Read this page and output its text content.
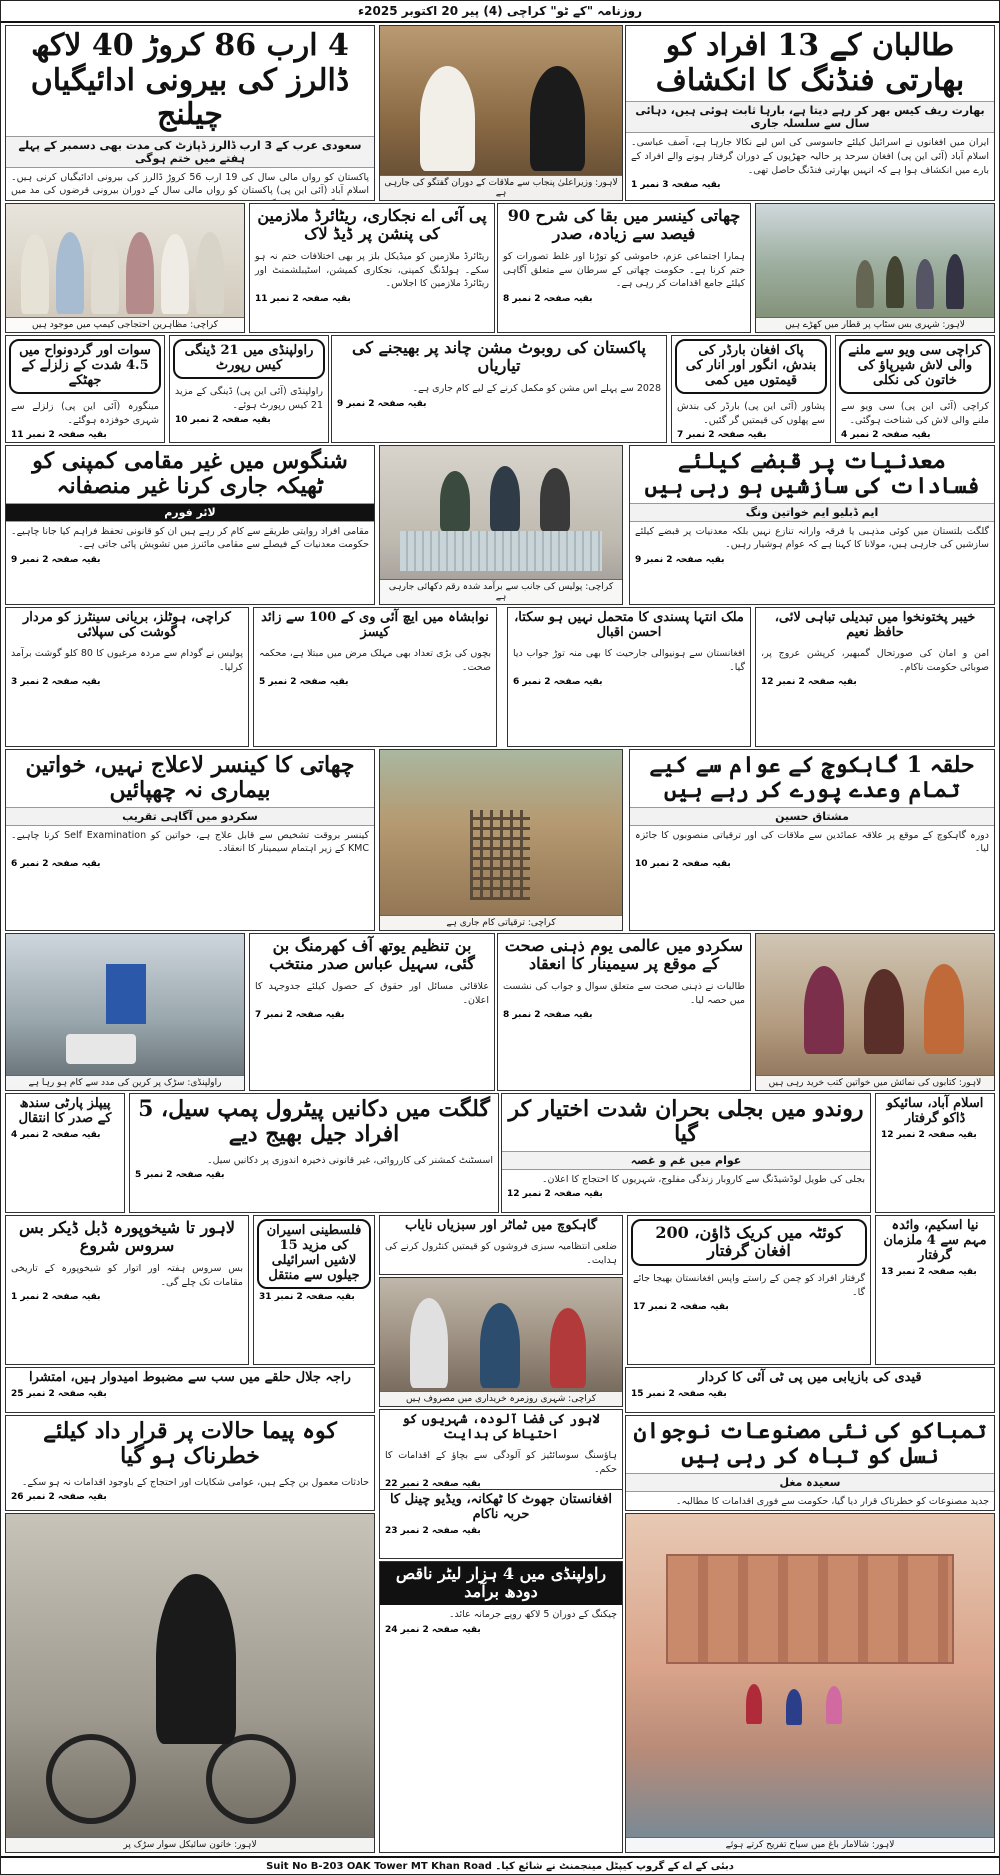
روزنامہ "کے ٹو" کراچی (4) پیر 20 اکتوبر 2025ء
طالبان کے 13 افراد کو بھارتی فنڈنگ کا انکشاف
بھارت ریف کیس بھر کر رہے دیتا ہے، بارہا ثابت ہوئی ہیں، دہائی سال سے سلسلہ جاری
ایران میں افغانوں نے اسرائیل کیلئے جاسوسی کی اس لیے نکالا جارہا ہے، آصف عباسی۔ اسلام آباد (آئی این پی) افغان سرحد پر حالیہ جھڑپوں کے دوران گرفتار ہونے والے افراد کے بارے میں انکشاف ہوا ہے کہ انہیں بھارتی فنڈنگ حاصل تھی۔
بقیہ صفحہ 3 نمبر 1
لاہور: وزیراعلیٰ پنجاب سے ملاقات کے دوران گفتگو کی جارہی ہے
4 ارب 86 کروڑ 40 لاکھ ڈالرز کی بیرونی ادائیگیاں چیلنج
سعودی عرب کے 3 ارب ڈالرز ڈپازٹ کی مدت بھی دسمبر کے پہلے ہفتے میں ختم ہوگی
پاکستان کو رواں مالی سال کی 19 ارب 56 کروڑ ڈالرز کی بیرونی ادائیگیاں کرنی ہیں۔ اسلام آباد (آئی این پی) پاکستان کو رواں مالی سال کے دوران بیرونی قرضوں کی مد میں
لاہور: شہری بس سٹاپ پر قطار میں کھڑے ہیں
چھاتی کینسر میں بقا کی شرح 90 فیصد سے زیادہ، صدر
ہمارا اجتماعی عزم، خاموشی کو توڑنا اور غلط تصورات کو ختم کرنا ہے۔ حکومت چھاتی کے سرطان سے متعلق آگاہی کیلئے جامع اقدامات کر رہی ہے۔
بقیہ صفحہ 2 نمبر 8
پی آئی اے نجکاری، ریٹائرڈ ملازمین کی پنشن پر ڈیڈ لاک
ریٹائرڈ ملازمین کو میڈیکل بلز پر بھی اختلافات ختم نہ ہو سکے۔ ہولڈنگ کمپنی، نجکاری کمیشن، اسٹیبلشمنٹ اور ریٹائرڈ ملازمین کا اجلاس۔
بقیہ صفحہ 2 نمبر 11
کراچی: مظاہرین احتجاجی کیمپ میں موجود ہیں
کراچی سی ویو سے ملنے والی لاش شیرپاؤ کی خاتون کی نکلی
کراچی (آئی این پی) سی ویو سے ملنے والی لاش کی شناخت ہوگئی۔
بقیہ صفحہ 2 نمبر 4
پاک افغان بارڈر کی بندش، انگور اور انار کی قیمتوں میں کمی
پشاور (آئی این پی) بارڈر کی بندش سے پھلوں کی قیمتیں گر گئیں۔
بقیہ صفحہ 2 نمبر 7
پاکستان کی روبوٹ مشن چاند پر بھیجنے کی تیاریاں
2028 سے پہلے اس مشن کو مکمل کرنے کے لیے کام جاری ہے۔
بقیہ صفحہ 2 نمبر 9
راولپنڈی میں 21 ڈینگی کیس رپورٹ
راولپنڈی (آئی این پی) ڈینگی کے مزید 21 کیس رپورٹ ہوئے۔
بقیہ صفحہ 2 نمبر 10
سوات اور گردونواح میں 4.5 شدت کے زلزلے کے جھٹکے
مینگورہ (آئی این پی) زلزلے سے شہری خوفزدہ ہوگئے۔
بقیہ صفحہ 2 نمبر 11
معدنیات پر قبضے کیلئے فسادات کی سازشیں ہو رہی ہیں
ایم ڈبلیو ایم خواتین ونگ
گلگت بلتستان میں کوئی مذہبی یا فرقہ وارانہ تنازع نہیں بلکہ معدنیات پر قبضے کیلئے سازشیں کی جارہی ہیں، مولانا کا کہنا ہے کہ عوام ہوشیار رہیں۔
بقیہ صفحہ 2 نمبر 9
کراچی: پولیس کی جانب سے برآمد شدہ رقم دکھائی جارہی ہے
شنگوس میں غیر مقامی کمپنی کو ٹھیکہ جاری کرنا غیر منصفانہ
لائر فورم
مقامی افراد روایتی طریقے سے کام کر رہے ہیں ان کو قانونی تحفظ فراہم کیا جانا چاہیے۔ حکومت معدنیات کے فیصلے سے مقامی مائنرز میں تشویش پائی جاتی ہے۔
بقیہ صفحہ 2 نمبر 9
خیبر پختونخوا میں تبدیلی تباہی لائی، حافظ نعیم
امن و امان کی صورتحال گمبھیر، کرپشن عروج پر، صوبائی حکومت ناکام۔
بقیہ صفحہ 2 نمبر 12
ملک انتہا پسندی کا متحمل نہیں ہو سکتا، احسن اقبال
افغانستان سے ہونیوالی جارحیت کا بھی منہ توڑ جواب دیا گیا۔
بقیہ صفحہ 2 نمبر 6
نوابشاہ میں ایچ آئی وی کے 100 سے زائد کیسز
بچوں کی بڑی تعداد بھی مہلک مرض میں مبتلا ہے، محکمہ صحت۔
بقیہ صفحہ 2 نمبر 5
کراچی، ہوٹلز، بریانی سینٹرز کو مردار گوشت کی سپلائی
پولیس نے گودام سے مردہ مرغیوں کا 80 کلو گوشت برآمد کرلیا۔
بقیہ صفحہ 2 نمبر 3
حلقہ 1 گاہکوچ کے عوام سے کیے تمام وعدے پورے کر رہے ہیں
مشتاق حسین
دورہ گاہکوچ کے موقع پر علاقہ عمائدین سے ملاقات کی اور ترقیاتی منصوبوں کا جائزہ لیا۔
بقیہ صفحہ 2 نمبر 10
کراچی: ترقیاتی کام جاری ہے
چھاتی کا کینسر لاعلاج نہیں، خواتین بیماری نہ چھپائیں
سکردو میں آگاہی تقریب
کینسر بروقت تشخیص سے قابل علاج ہے، خواتین کو Self Examination کرنا چاہیے۔ KMC کے زیر اہتمام سیمینار کا انعقاد۔
بقیہ صفحہ 2 نمبر 6
لاہور: کتابوں کی نمائش میں خواتین کتب خرید رہی ہیں
سکردو میں عالمی یوم ذہنی صحت کے موقع پر سیمینار کا انعقاد
طالبات نے ذہنی صحت سے متعلق سوال و جواب کی نشست میں حصہ لیا۔
بقیہ صفحہ 2 نمبر 8
بن تنظیم یوتھ آف کھرمنگ بن گئی، سہیل عباس صدر منتخب
علاقائی مسائل اور حقوق کے حصول کیلئے جدوجہد کا اعلان۔
بقیہ صفحہ 2 نمبر 7
راولپنڈی: سڑک پر کرین کی مدد سے کام ہو رہا ہے
اسلام آباد، سائیکو ڈاکو گرفتار
بقیہ صفحہ 2 نمبر 12
روندو میں بجلی بحران شدت اختیار کر گیا
عوام میں غم و غصہ
بجلی کی طویل لوڈشیڈنگ سے کاروبار زندگی مفلوج، شہریوں کا احتجاج کا اعلان۔
بقیہ صفحہ 2 نمبر 12
گلگت میں دکانیں پیٹرول پمپ سیل، 5 افراد جیل بھیج دیے
اسسٹنٹ کمشنر کی کارروائی، غیر قانونی ذخیرہ اندوزی پر دکانیں سیل۔
بقیہ صفحہ 2 نمبر 5
پیپلز پارٹی سندھ کے صدر کا انتقال
بقیہ صفحہ 2 نمبر 4
نیا اسکیم، وائدہ مہم سے 4 ملزمان گرفتار
بقیہ صفحہ 2 نمبر 13
کوئٹہ میں کریک ڈاؤن، 200 افغان گرفتار
گرفتار افراد کو چمن کے راستے واپس افغانستان بھیجا جائے گا۔
بقیہ صفحہ 2 نمبر 17
گاہکوچ میں ٹماٹر اور سبزیاں نایاب
ضلعی انتظامیہ سبزی فروشوں کو قیمتیں کنٹرول کرنے کی ہدایت۔
کراچی: شہری روزمرہ خریداری میں مصروف ہیں
فلسطینی اسیران کی مزید 15 لاشیں اسرائیلی جیلوں سے منتقل
بقیہ صفحہ 2 نمبر 31
لاہور تا شیخوپورہ ڈبل ڈیکر بس سروس شروع
بس سروس ہفتہ اور اتوار کو شیخوپورہ کے تاریخی مقامات تک چلے گی۔
بقیہ صفحہ 2 نمبر 1
راجہ جلال حلقے میں سب سے مضبوط امیدوار ہیں، امتشرا
بقیہ صفحہ 2 نمبر 25
قیدی کی بازیابی میں پی ٹی آئی کا کردار
بقیہ صفحہ 2 نمبر 15
تمباکو کی نئی مصنوعات نوجوان نسل کو تباہ کر رہی ہیں
سعیدہ مغل
جدید مصنوعات کو خطرناک قرار دیا گیا، حکومت سے فوری اقدامات کا مطالبہ۔
لاہور کی فضا آلودہ، شہریوں کو احتیاط کی ہدایت
ہاؤسنگ سوسائٹیز کو آلودگی سے بچاؤ کے اقدامات کا حکم۔
بقیہ صفحہ 2 نمبر 22
افغانستان جھوٹ کا ٹھکانہ، ویڈیو چینل کا حربہ ناکام
بقیہ صفحہ 2 نمبر 23
کوہ پیما حالات پر قرار داد کیلئے خطرناک ہو گیا
حادثات معمول بن چکے ہیں، عوامی شکایات اور احتجاج کے باوجود اقدامات نہ ہو سکے۔
بقیہ صفحہ 2 نمبر 26
لاہور: شالامار باغ میں سیاح تفریح کرتے ہوئے
راولپنڈی میں 4 ہزار لیٹر ناقص دودھ برآمد
چیکنگ کے دوران 5 لاکھ روپے جرمانہ عائد۔
بقیہ صفحہ 2 نمبر 24
لاہور: خاتون سائیکل سوار سڑک پر
دبئی کے اے کے گروپ کیپٹل مینجمنٹ نے شائع کیا۔ Suit No B-203 OAK Tower MT Khan Road
